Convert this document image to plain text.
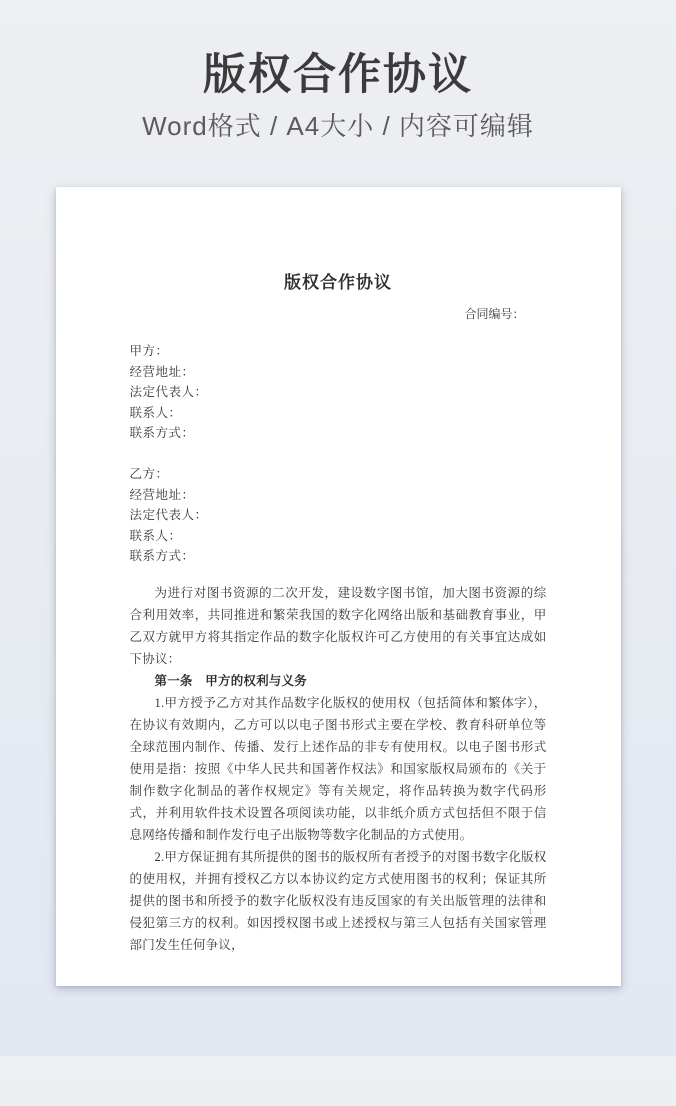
版权合作协议

Word格式 / A4大小 / 内容可编辑

版权合作协议

合同编号：

甲方：

经营地址：

法定代表人：

联系人：

联系方式：

乙方：

经营地址：

法定代表人：

联系人：

联系方式：

为进行对图书资源的二次开发，建设数字图书馆，加大图书资源的综合利用效率，共同推进和繁荣我国的数字化网络出版和基础教育事业，甲乙双方就甲方将其指定作品的数字化版权许可乙方使用的有关事宜达成如下协议：

第一条　甲方的权利与义务

1.甲方授予乙方对其作品数字化版权的使用权（包括简体和繁体字），在协议有效期内，乙方可以以电子图书形式主要在学校、教育科研单位等全球范围内制作、传播、发行上述作品的非专有使用权。以电子图书形式使用是指：按照《中华人民共和国著作权法》和国家版权局颁布的《关于制作数字化制品的著作权规定》等有关规定，将作品转换为数字代码形式，并利用软件技术设置各项阅读功能，以非纸介质方式包括但不限于信息网络传播和制作发行电子出版物等数字化制品的方式使用。

2.甲方保证拥有其所提供的图书的版权所有者授予的对图书数字化版权的使用权，并拥有授权乙方以本协议约定方式使用图书的权利；保证其所提供的图书和所授予的数字化版权没有违反国家的有关出版管理的法律和侵犯第三方的权利。如因授权图书或上述授权与第三人包括有关国家管理部门发生任何争议，

1
